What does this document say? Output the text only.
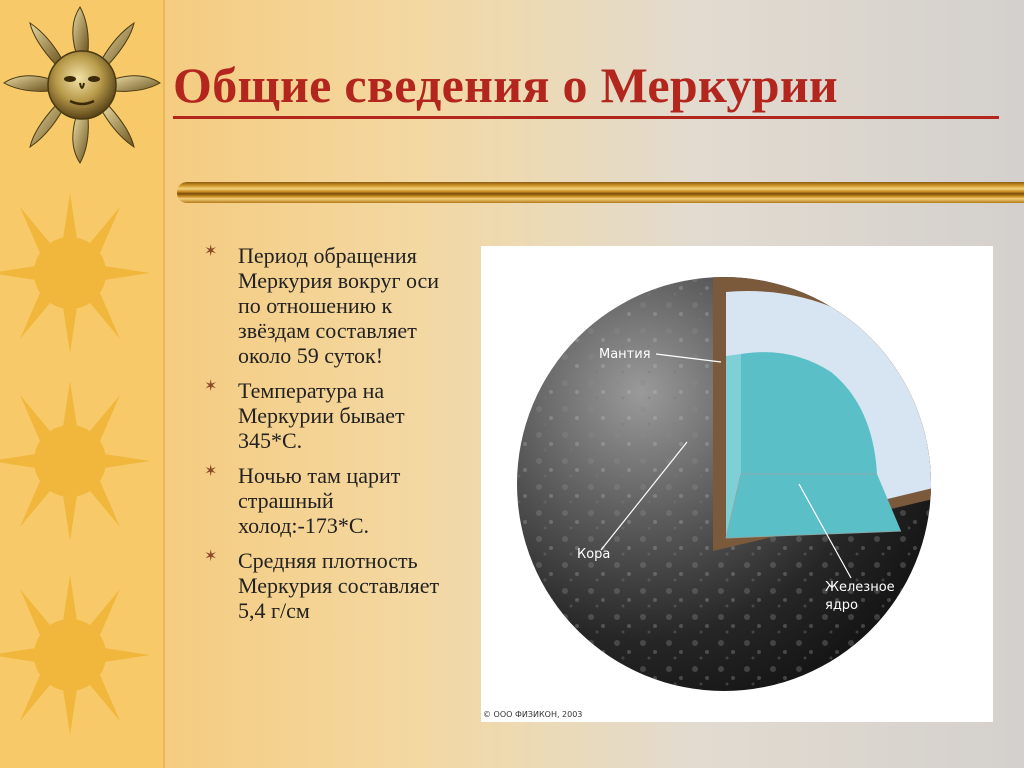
Общие сведения о Меркурии
✶ Период обращения Меркурия вокруг оси по отношению к звёздам составляет около 59 суток!
✶ Температура на Меркурии бывает 345*С.
✶ Ночью там царит страшный холод:-173*С.
✶ Средняя плотность Меркурия составляет 5,4 г/см
Мантия
Кора
Железное
ядро
© ООО ФИЗИКОН, 2003
